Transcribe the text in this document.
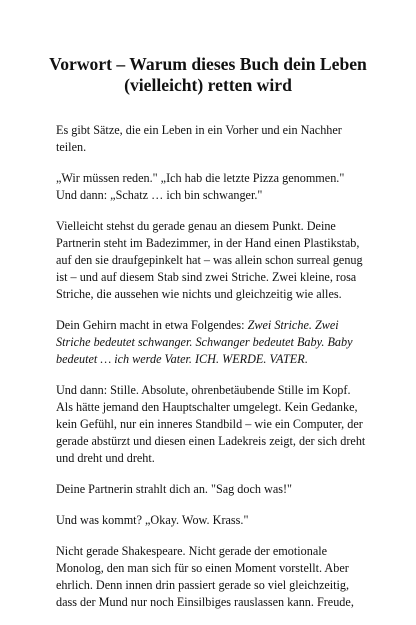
Vorwort – Warum dieses Buch dein Leben (vielleicht) retten wird

Es gibt Sätze, die ein Leben in ein Vorher und ein Nachher teilen.

„Wir müssen reden." „Ich hab die letzte Pizza genommen."
Und dann: „Schatz … ich bin schwanger."

Vielleicht stehst du gerade genau an diesem Punkt. Deine Partnerin steht im Badezimmer, in der Hand einen Plastikstab, auf den sie draufgepinkelt hat – was allein schon surreal genug ist – und auf diesem Stab sind zwei Striche. Zwei kleine, rosa Striche, die aussehen wie nichts und gleichzeitig wie alles.

Dein Gehirn macht in etwa Folgendes: Zwei Striche. Zwei Striche bedeutet schwanger. Schwanger bedeutet Baby. Baby bedeutet … ich werde Vater. ICH. WERDE. VATER.

Und dann: Stille. Absolute, ohrenbetäubende Stille im Kopf. Als hätte jemand den Hauptschalter umgelegt. Kein Gedanke, kein Gefühl, nur ein inneres Standbild – wie ein Computer, der gerade abstürzt und diesen einen Ladekreis zeigt, der sich dreht und dreht und dreht.

Deine Partnerin strahlt dich an. "Sag doch was!"

Und was kommt? „Okay. Wow. Krass."

Nicht gerade Shakespeare. Nicht gerade der emotionale Monolog, den man sich für so einen Moment vorstellt. Aber ehrlich. Denn innen drin passiert gerade so viel gleichzeitig, dass der Mund nur noch Einsilbiges rauslassen kann. Freude,
